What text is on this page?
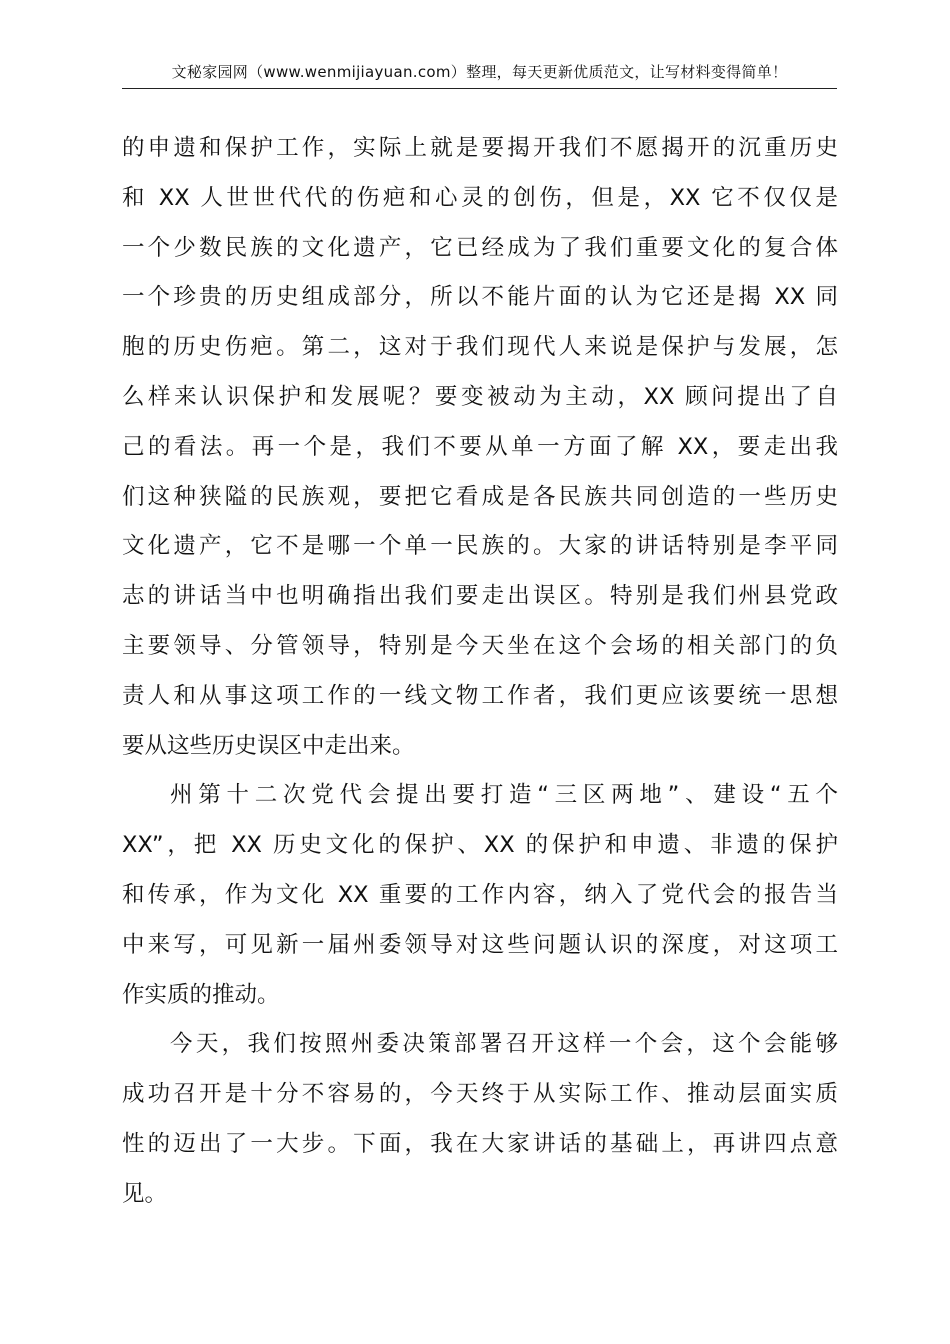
文秘家园网（www.wenmijiayuan.com）整理，每天更新优质范文，让写材料变得简单！
的申遗和保护工作，实际上就是要揭开我们不愿揭开的沉重历史
和 XX 人世世代代的伤疤和心灵的创伤，但是，XX 它不仅仅是
一个少数民族的文化遗产，它已经成为了我们重要文化的复合体
一个珍贵的历史组成部分，所以不能片面的认为它还是揭 XX 同
胞的历史伤疤。第二，这对于我们现代人来说是保护与发展，怎
么样来认识保护和发展呢？要变被动为主动，XX 顾问提出了自
己的看法。再一个是，我们不要从单一方面了解 XX，要走出我
们这种狭隘的民族观，要把它看成是各民族共同创造的一些历史
文化遗产，它不是哪一个单一民族的。大家的讲话特别是李平同
志的讲话当中也明确指出我们要走出误区。特别是我们州县党政
主要领导、分管领导，特别是今天坐在这个会场的相关部门的负
责人和从事这项工作的一线文物工作者，我们更应该要统一思想
要从这些历史误区中走出来。
州第十二次党代会提出要打造“三区两地”、建设“五个
XX”，把 XX 历史文化的保护、XX 的保护和申遗、非遗的保护
和传承，作为文化 XX 重要的工作内容，纳入了党代会的报告当
中来写，可见新一届州委领导对这些问题认识的深度，对这项工
作实质的推动。
今天，我们按照州委决策部署召开这样一个会，这个会能够
成功召开是十分不容易的，今天终于从实际工作、推动层面实质
性的迈出了一大步。下面，我在大家讲话的基础上，再讲四点意
见。
